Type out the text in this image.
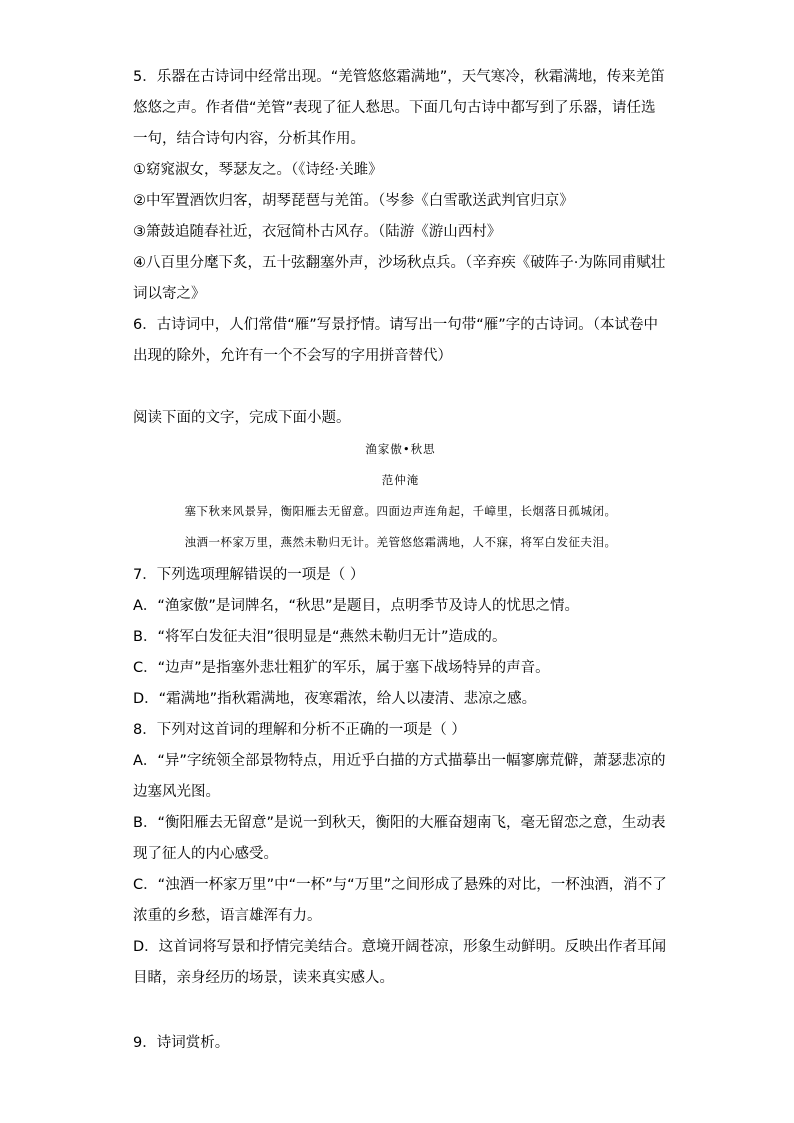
5．乐器在古诗词中经常出现。“羌管悠悠霜满地”，天气寒冷，秋霜满地，传来羌笛悠悠之声。作者借“羌管”表现了征人愁思。下面几句古诗中都写到了乐器，请任选一句，结合诗句内容，分析其作用。

①窈窕淑女，琴瑟友之。（《诗经·关雎》

②中军置酒饮归客，胡琴琵琶与羌笛。（岑参《白雪歌送武判官归京》

③箫鼓追随春社近，衣冠简朴古风存。（陆游《游山西村》

④八百里分麾下炙，五十弦翻塞外声，沙场秋点兵。（辛弃疾《破阵子·为陈同甫赋壮词以寄之》

6．古诗词中，人们常借“雁”写景抒情。请写出一句带“雁”字的古诗词。（本试卷中出现的除外，允许有一个不会写的字用拼音替代）

阅读下面的文字，完成下面小题。

渔家傲•秋思
范仲淹
塞下秋来风景异，衡阳雁去无留意。四面边声连角起，千嶂里，长烟落日孤城闭。
浊酒一杯家万里，燕然未勒归无计。羌管悠悠霜满地，人不寐，将军白发征夫泪。

7．下列选项理解错误的一项是（ ）

A．“渔家傲”是词牌名，“秋思”是题目，点明季节及诗人的忧思之情。

B．“将军白发征夫泪”很明显是“燕然未勒归无计”造成的。

C．“边声”是指塞外悲壮粗犷的军乐，属于塞下战场特异的声音。

D．“霜满地”指秋霜满地，夜寒霜浓，给人以凄清、悲凉之感。

8．下列对这首词的理解和分析不正确的一项是（ ）

A．“异”字统领全部景物特点，用近乎白描的方式描摹出一幅寥廓荒僻，萧瑟悲凉的边塞风光图。

B．“衡阳雁去无留意”是说一到秋天，衡阳的大雁奋翅南飞，毫无留恋之意，生动表现了征人的内心感受。

C．“浊酒一杯家万里”中“一杯”与“万里”之间形成了悬殊的对比，一杯浊酒，消不了浓重的乡愁，语言雄浑有力。

D．这首词将写景和抒情完美结合。意境开阔苍凉，形象生动鲜明。反映出作者耳闻目睹，亲身经历的场景，读来真实感人。

9．诗词赏析。
